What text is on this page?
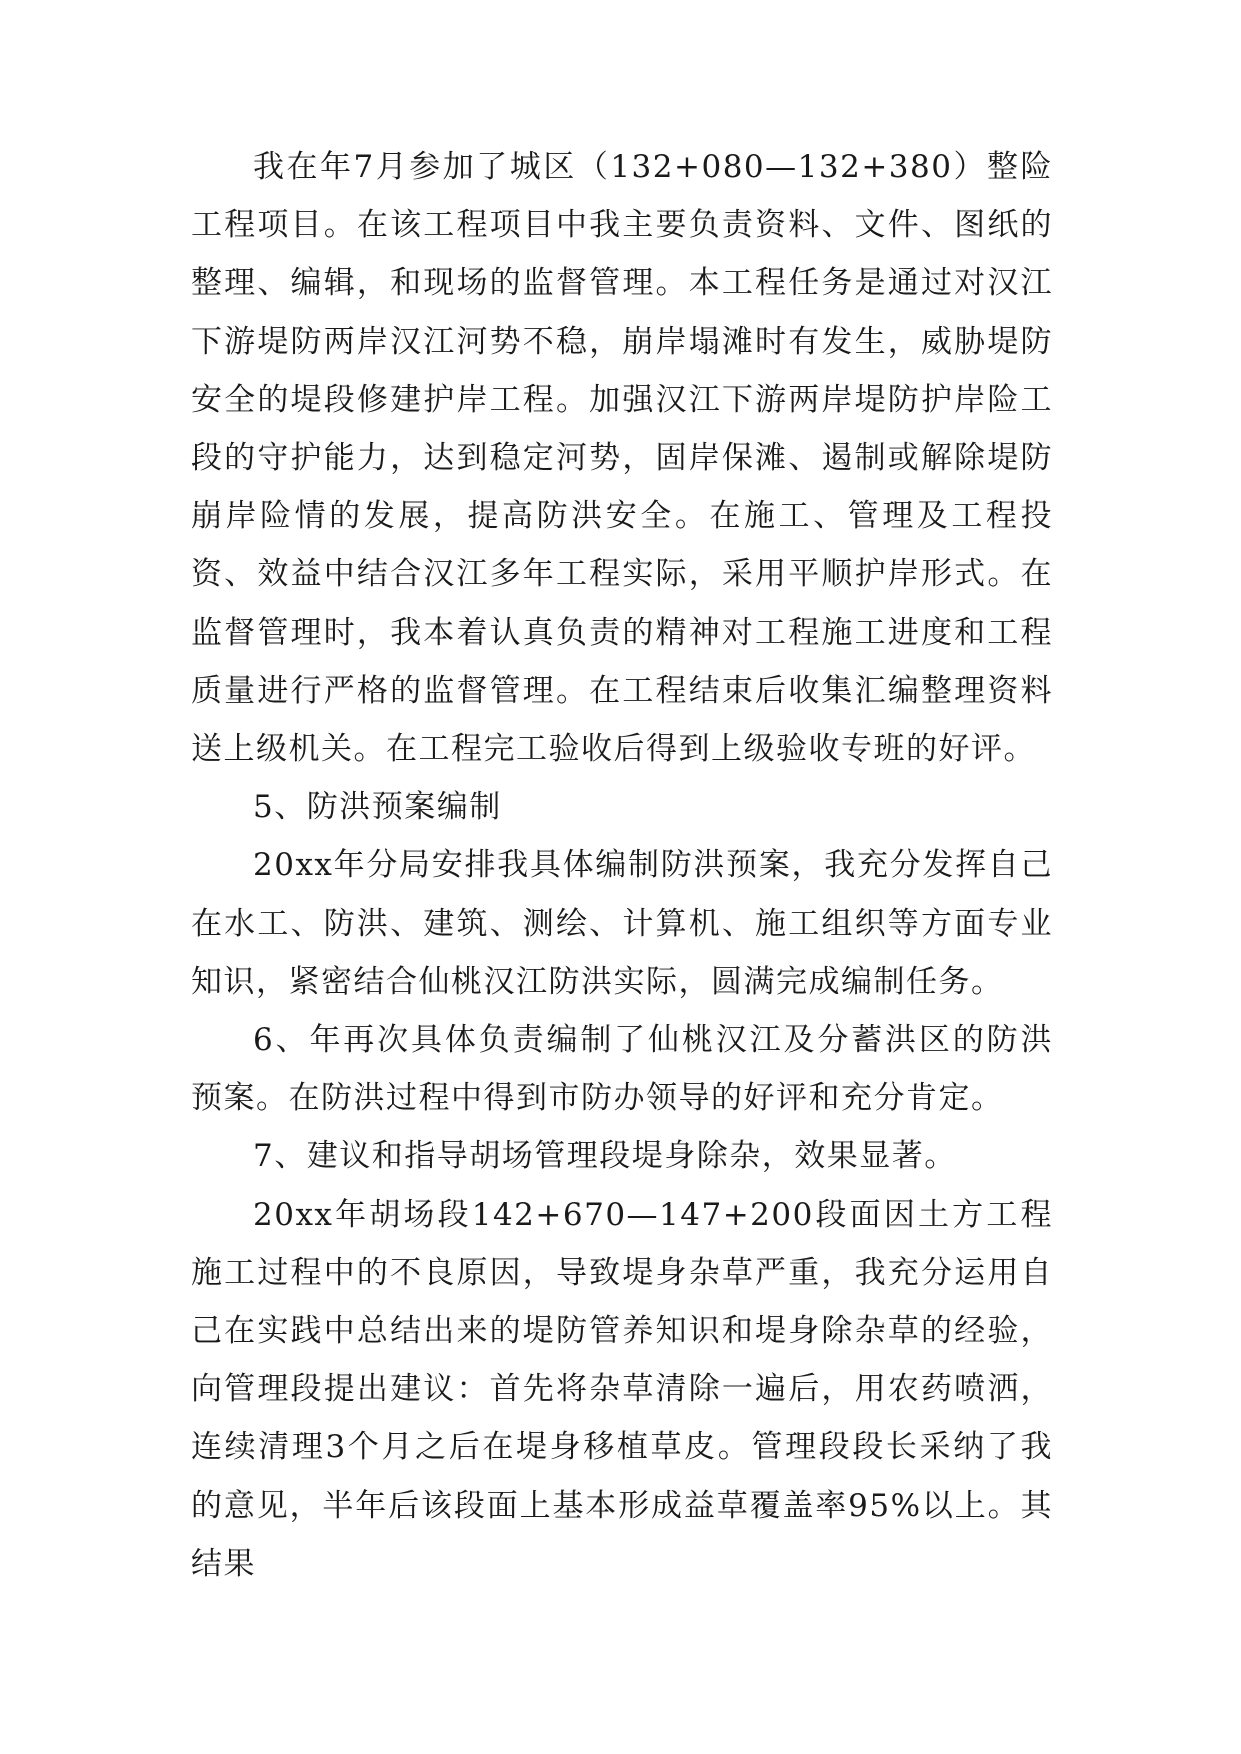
我在年7月参加了城区（132+080—132+380）整险工程项目。在该工程项目中我主要负责资料、文件、图纸的整理、编辑，和现场的监督管理。本工程任务是通过对汉江下游堤防两岸汉江河势不稳，崩岸塌滩时有发生，威胁堤防安全的堤段修建护岸工程。加强汉江下游两岸堤防护岸险工段的守护能力，达到稳定河势，固岸保滩、遏制或解除堤防崩岸险情的发展，提高防洪安全。在施工、管理及工程投资、效益中结合汉江多年工程实际，采用平顺护岸形式。在监督管理时，我本着认真负责的精神对工程施工进度和工程质量进行严格的监督管理。在工程结束后收集汇编整理资料送上级机关。在工程完工验收后得到上级验收专班的好评。

5、防洪预案编制

20xx年分局安排我具体编制防洪预案，我充分发挥自己在水工、防洪、建筑、测绘、计算机、施工组织等方面专业知识，紧密结合仙桃汉江防洪实际，圆满完成编制任务。

6、年再次具体负责编制了仙桃汉江及分蓄洪区的防洪预案。在防洪过程中得到市防办领导的好评和充分肯定。

7、建议和指导胡场管理段堤身除杂，效果显著。

20xx年胡场段142+670—147+200段面因土方工程施工过程中的不良原因，导致堤身杂草严重，我充分运用自己在实践中总结出来的堤防管养知识和堤身除杂草的经验，向管理段提出建议：首先将杂草清除一遍后，用农药喷洒，连续清理3个月之后在堤身移植草皮。管理段段长采纳了我的意见，半年后该段面上基本形成益草覆盖率95%以上。其结果
